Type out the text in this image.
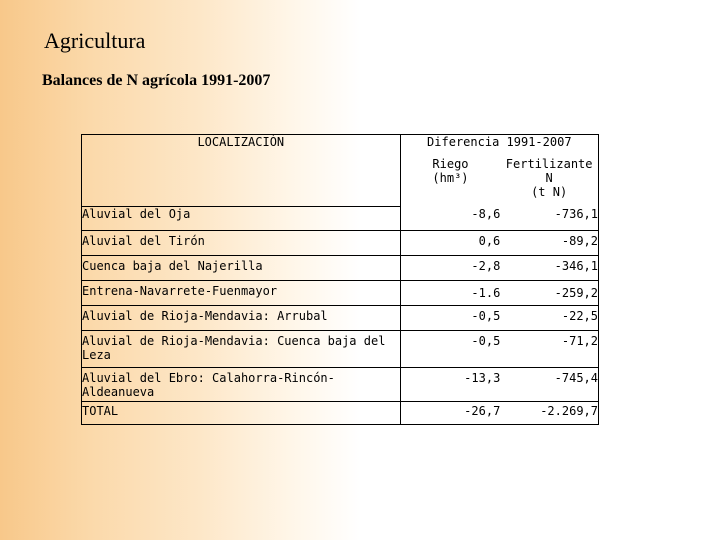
Agricultura
Balances de N agrícola 1991-2007
LOCALIZACIÓN	Diferencia 1991-2007	

	Riego (hm³)	Fertilizante
N
(t N)

Aluvial del Oja	-8,6	-736,1
Aluvial del Tirón	0,6	-89,2
Cuenca baja del Najerilla	-2,8	-346,1
Entrena-Navarrete-Fuenmayor	-1.6	-259,2
Aluvial de Rioja-Mendavia: Arrubal	-0,5	-22,5
Aluvial de Rioja-Mendavia: Cuenca baja del Leza	-0,5	-71,2
Aluvial del Ebro: Calahorra-Rincón-Aldeanueva	-13,3	-745,4
TOTAL	-26,7	-2.269,7
